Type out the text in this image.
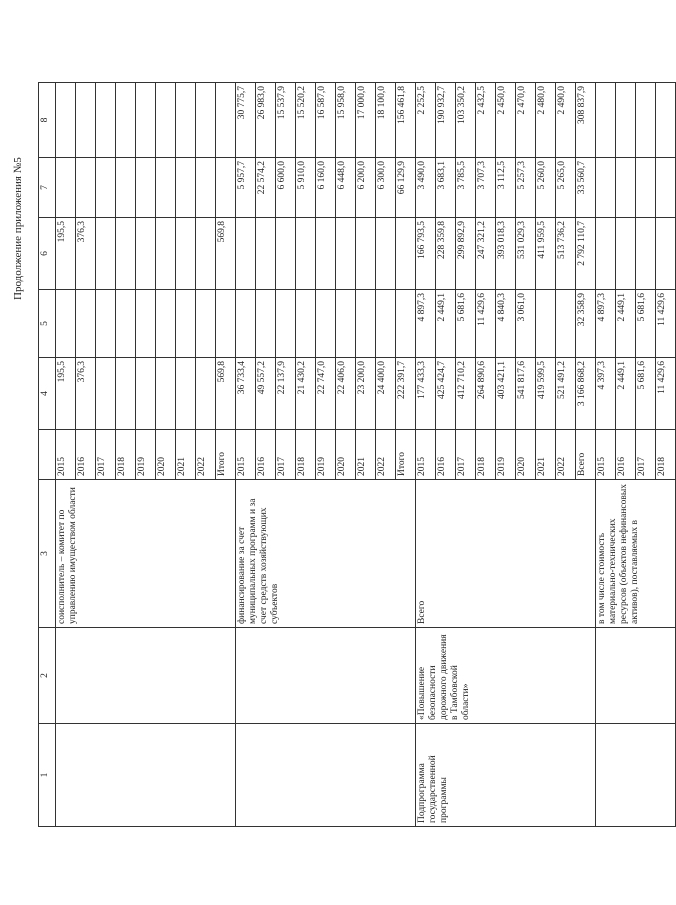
Продолжение приложения №5
1	2	3		4	5	6	7	8
		соисполнитель – комитет по управлению имуществом области	2015	195,5		195,5		
			2016	376,3		376,3		
			2017					
			2018					
			2019					
			2020					
			2021					
			2022					
			Итого	569,8		569,8		
		финансирование за счет муниципальных программ и за счет средств хозяйствующих субъектов	2015	36 733,4			5 957,7	30 775,7
			2016	49 557,2			22 574,2	26 983,0
			2017	22 137,9			6 600,0	15 537,9
			2018	21 430,2			5 910,0	15 520,2
			2019	22 747,0			6 160,0	16 587,0
			2020	22 406,0			6 448,0	15 958,0
			2021	23 200,0			6 200,0	17 000,0
			2022	24 400,0			6 300,0	18 100,0
			Итого	222 391,7			66 129,9	156 461,8
Подпрограмма государственной программы	«Повышение безопасности дорожного движения в Тамбовской области»	Всего	2015	177 433,3	4 897,3	166 793,5	3 490,0	2 252,5
			2016	425 424,7	2 449,1	228 359,8	3 683,1	190 932,7
			2017	412 710,2	5 681,6	299 892,9	3 785,5	103 350,2
			2018	264 890,6	11 429,6	247 321,2	3 707,3	2 432,5
			2019	403 421,1	4 840,3	393 018,3	3 112,5	2 450,0
			2020	541 817,6	3 061,0	531 029,3	5 257,3	2 470,0
			2021	419 599,5		411 959,5	5 260,0	2 480,0
			2022	521 491,2		513 736,2	5 265,0	2 490,0
			Всего	3 166 868,2	32 358,9	2 792 110,7	33 560,7	308 837,9
		в том числе стоимость материально-технических ресурсов (объектов нефинансовых активов), поставляемых в	2015	4 397,3	4 897,3			
			2016	2 449,1	2 449,1			
			2017	5 681,6	5 681,6			
			2018	11 429,6	11 429,6			
